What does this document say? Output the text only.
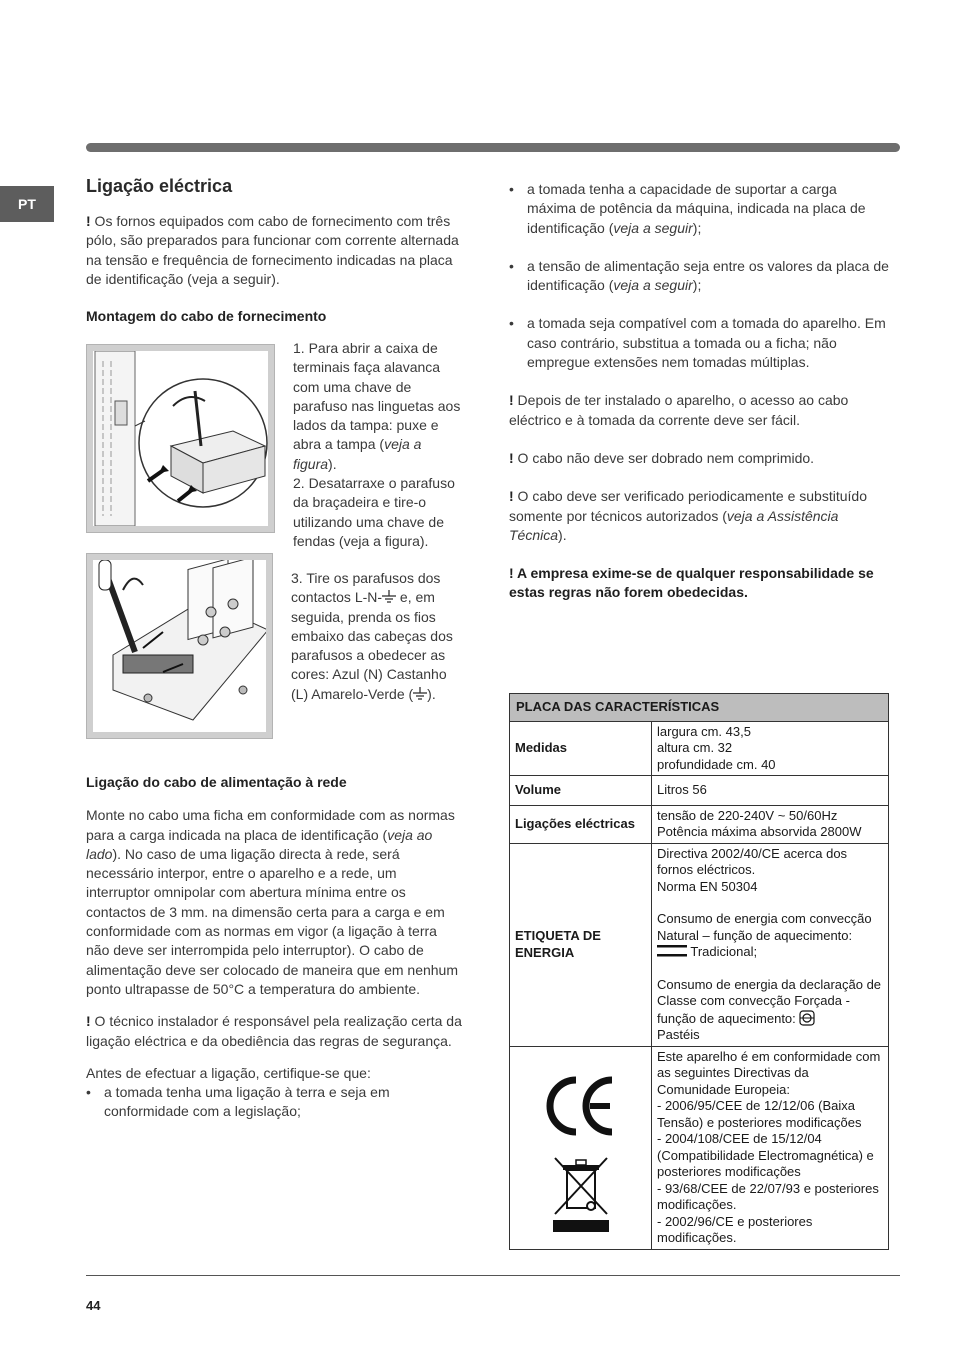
PT
Ligação eléctrica

! Os fornos equipados com cabo de fornecimento com três pólo, são preparados para funcionar com corrente alternada na tensão e frequência de fornecimento indicadas na placa de identificação (veja a seguir).

Montagem do cabo de fornecimento

1. Para abrir a caixa de terminais faça alavanca com uma chave de parafuso nas linguetas aos lados da tampa: puxe e abra a tampa (veja a figura).
2. Desatarraxe o parafuso da braçadeira e tire-o utilizando uma chave de fendas (veja a figura).
3. Tire os parafusos dos contactos L-N- e, em seguida, prenda os fios embaixo das cabeças dos parafusos a obedecer as cores: Azul (N) Castanho (L) Amarelo-Verde ( ).

Ligação do cabo de alimentação à rede

Monte no cabo uma ficha em conformidade com as normas para a carga indicada na placa de identificação (veja ao lado). No caso de uma ligação directa à rede, será necessário interpor, entre o aparelho e a rede, um interruptor omnipolar com abertura mínima entre os contactos de 3 mm. na dimensão certa para a carga e em conformidade com as normas em vigor (a ligação à terra não deve ser interrompida pelo interruptor). O cabo de alimentação deve ser colocado de maneira que em nenhum ponto ultrapasse de 50°C a temperatura do ambiente.

! O técnico instalador é responsável pela realização certa da ligação eléctrica e da obediência das regras de segurança.

Antes de efectuar a ligação, certifique-se que:

• a tomada tenha uma ligação à terra e seja em conformidade com a legislação;
• a tomada tenha a capacidade de suportar a carga máxima de potência da máquina, indicada na placa de identificação (veja a seguir);
• a tensão de alimentação seja entre os valores da placa de identificação (veja a seguir);
• a tomada seja compatível com a tomada do aparelho. Em caso contrário, substitua a tomada ou a ficha; não empregue extensões nem tomadas múltiplas.

! Depois de ter instalado o aparelho, o acesso ao cabo eléctrico e à tomada da corrente deve ser fácil.

! O cabo não deve ser dobrado nem comprimido.

! O cabo deve ser verificado periodicamente e substituído somente por técnicos autorizados (veja a Assistência Técnica).

! A empresa exime-se de qualquer responsabilidade se estas regras não forem obedecidas.

PLACA DAS CARACTERÍSTICAS	
Medidas	largura cm. 43,5
altura cm. 32
profundidade cm. 40

Volume	Litros 56
Ligações eléctricas	tensão de 220-240V ~ 50/60Hz
Potência máxima absorvida 2800W

ETIQUETA DE ENERGIA	Directiva 2002/40/CE acerca dos fornos eléctricos.
Norma EN 50304
Consumo de energia com convecção Natural – função de aquecimento:  Tradicional;
Consumo de energia da declaração de Classe com convecção Forçada - função de aquecimento:
Pastéis

	Este aparelho é em conformidade com as seguintes Directivas da Comunidade Europeia:
- 2006/95/CEE de 12/12/06 (Baixa Tensão) e posteriores modificações
- 2004/108/CEE de 15/12/04 (Compatibilidade Electromagnética) e posteriores modificações
- 93/68/CEE de 22/07/93 e posteriores modificações.
- 2002/96/CE e posteriores modificações.
44
